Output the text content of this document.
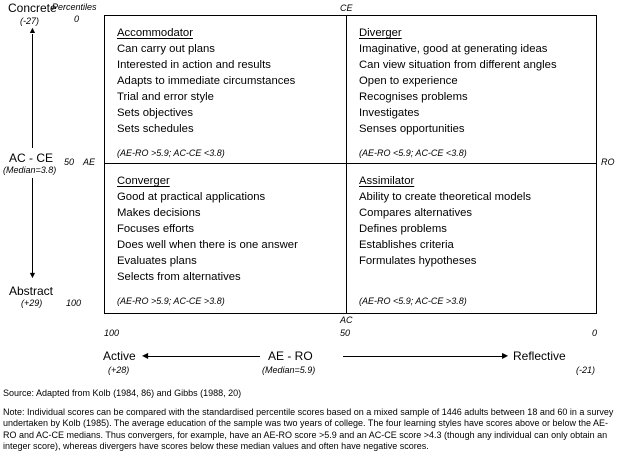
Concrete
(-27)
▲
AC - CE
(Median=3.8)
▼
Abstract
(+29)
Percentiles
0
50 AE
100
CE
RO
Accommodator
Can carry out plans
Interested in action and results
Adapts to immediate circumstances
Trial and error style
Sets objectives
Sets schedules
(AE-RO >5.9; AC-CE <3.8)
Diverger
Imaginative, good at generating ideas
Can view situation from different angles
Open to experience
Recognises problems
Investigates
Senses opportunities
(AE-RO <5.9; AC-CE <3.8)
Converger
Good at practical applications
Makes decisions
Focuses efforts
Does well when there is one answer
Evaluates plans
Selects from alternatives
(AE-RO >5.9; AC-CE >3.8)
Assimilator
Ability to create theoretical models
Compares alternatives
Defines problems
Establishes criteria
Formulates hypotheses
(AE-RO <5.9; AC-CE >3.8)
AC
100	50	0
Active ◀	AE - RO	▶ Reflective
(+28)	(Median=5.9)	(-21)
Source: Adapted from Kolb (1984, 86) and Gibbs (1988, 20)
Note: Individual scores can be compared with the standardised percentile scores based on a mixed sample of 1446 adults between 18 and 60 in a survey undertaken by Kolb (1985). The average education of the sample was two years of college. The four learning styles have scores above or below the AE-RO and AC-CE medians. Thus convergers, for example, have an AE-RO score >5.9 and an AC-CE score >4.3 (though any individual can only obtain an integer score), whereas divergers have scores below these median values and often have negative scores.
